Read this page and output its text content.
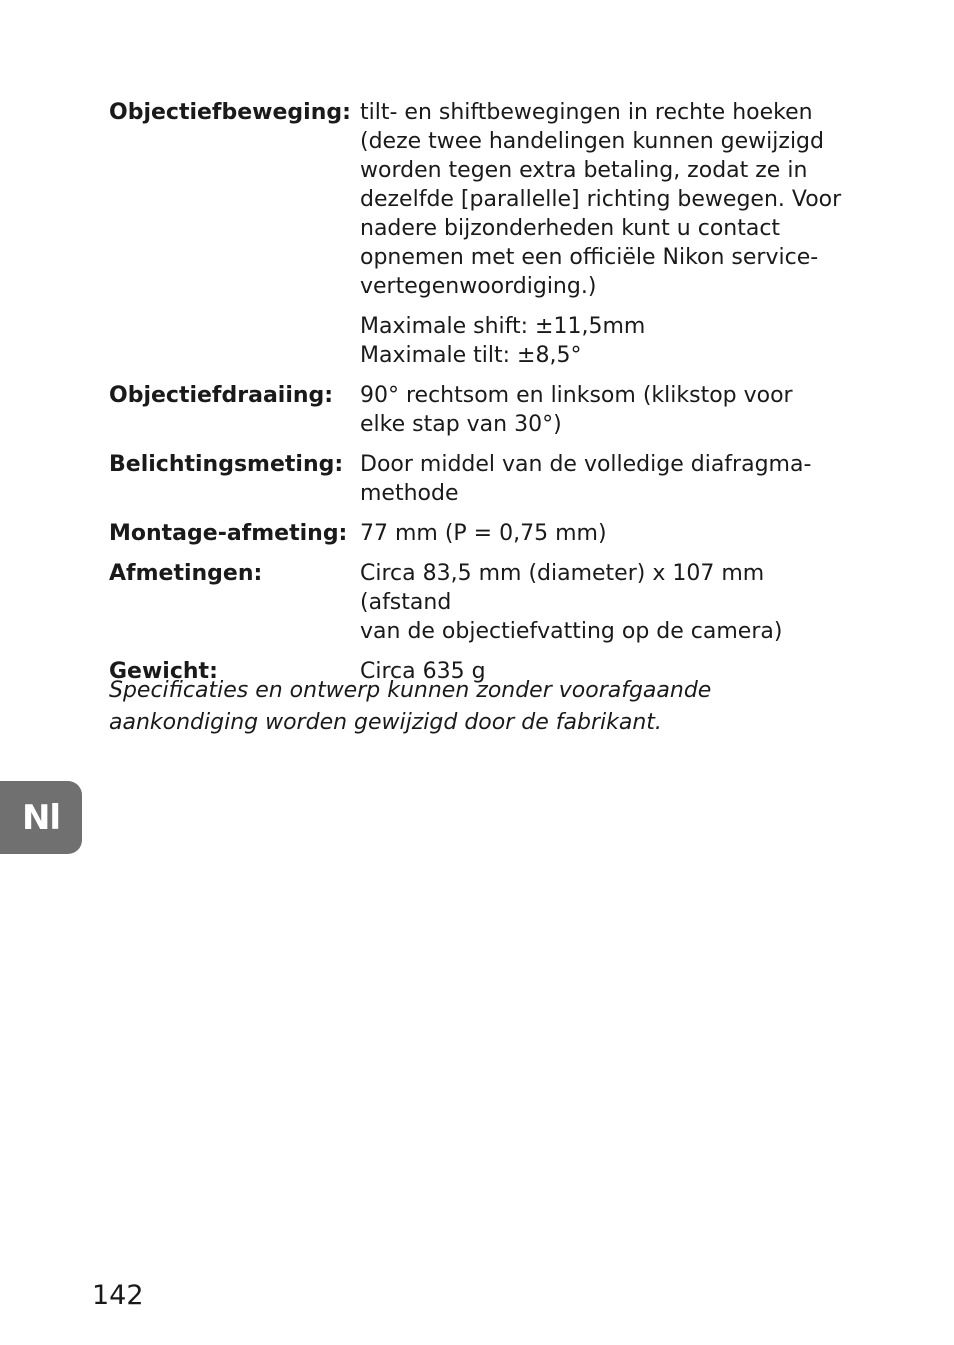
Objectiefbeweging: tilt- en shiftbewegingen in rechte hoeken
(deze twee handelingen kunnen gewijzigd
worden tegen extra betaling, zodat ze in
dezelfde [parallelle] richting bewegen. Voor
nadere bijzonderheden kunt u contact
opnemen met een officiële Nikon service-
vertegenwoordiging.)

Maximale shift: ±11,5mm
Maximale tilt: ±8,5°

Objectiefdraaiing:	90° rechtsom en linksom (klikstop voor
elke stap van 30°)

Belichtingsmeting: Door middel van de volledige diafragma-
methode

Montage-afmeting: 77 mm (P = 0,75 mm)

Afmetingen:	Circa 83,5 mm (diameter) x 107 mm (afstand
van de objectiefvatting op de camera)

Gewicht:	Circa 635 g

Specificaties en ontwerp kunnen zonder voorafgaande
aankondiging worden gewijzigd door de fabrikant.
Nl
142
